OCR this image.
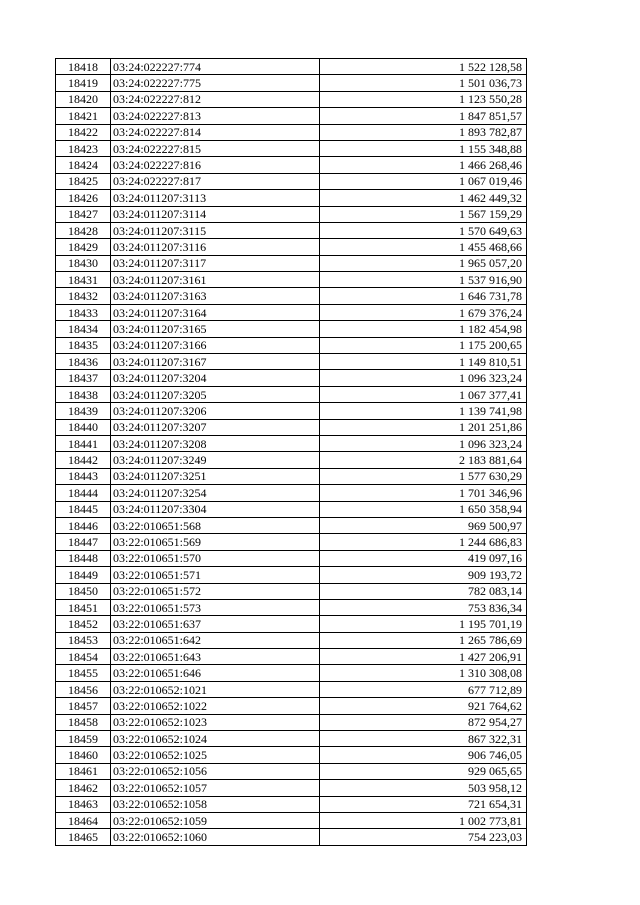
18418	03:24:022227:774	1 522 128,58
18419	03:24:022227:775	1 501 036,73
18420	03:24:022227:812	1 123 550,28
18421	03:24:022227:813	1 847 851,57
18422	03:24:022227:814	1 893 782,87
18423	03:24:022227:815	1 155 348,88
18424	03:24:022227:816	1 466 268,46
18425	03:24:022227:817	1 067 019,46
18426	03:24:011207:3113	1 462 449,32
18427	03:24:011207:3114	1 567 159,29
18428	03:24:011207:3115	1 570 649,63
18429	03:24:011207:3116	1 455 468,66
18430	03:24:011207:3117	1 965 057,20
18431	03:24:011207:3161	1 537 916,90
18432	03:24:011207:3163	1 646 731,78
18433	03:24:011207:3164	1 679 376,24
18434	03:24:011207:3165	1 182 454,98
18435	03:24:011207:3166	1 175 200,65
18436	03:24:011207:3167	1 149 810,51
18437	03:24:011207:3204	1 096 323,24
18438	03:24:011207:3205	1 067 377,41
18439	03:24:011207:3206	1 139 741,98
18440	03:24:011207:3207	1 201 251,86
18441	03:24:011207:3208	1 096 323,24
18442	03:24:011207:3249	2 183 881,64
18443	03:24:011207:3251	1 577 630,29
18444	03:24:011207:3254	1 701 346,96
18445	03:24:011207:3304	1 650 358,94
18446	03:22:010651:568	969 500,97
18447	03:22:010651:569	1 244 686,83
18448	03:22:010651:570	419 097,16
18449	03:22:010651:571	909 193,72
18450	03:22:010651:572	782 083,14
18451	03:22:010651:573	753 836,34
18452	03:22:010651:637	1 195 701,19
18453	03:22:010651:642	1 265 786,69
18454	03:22:010651:643	1 427 206,91
18455	03:22:010651:646	1 310 308,08
18456	03:22:010652:1021	677 712,89
18457	03:22:010652:1022	921 764,62
18458	03:22:010652:1023	872 954,27
18459	03:22:010652:1024	867 322,31
18460	03:22:010652:1025	906 746,05
18461	03:22:010652:1056	929 065,65
18462	03:22:010652:1057	503 958,12
18463	03:22:010652:1058	721 654,31
18464	03:22:010652:1059	1 002 773,81
18465	03:22:010652:1060	754 223,03
